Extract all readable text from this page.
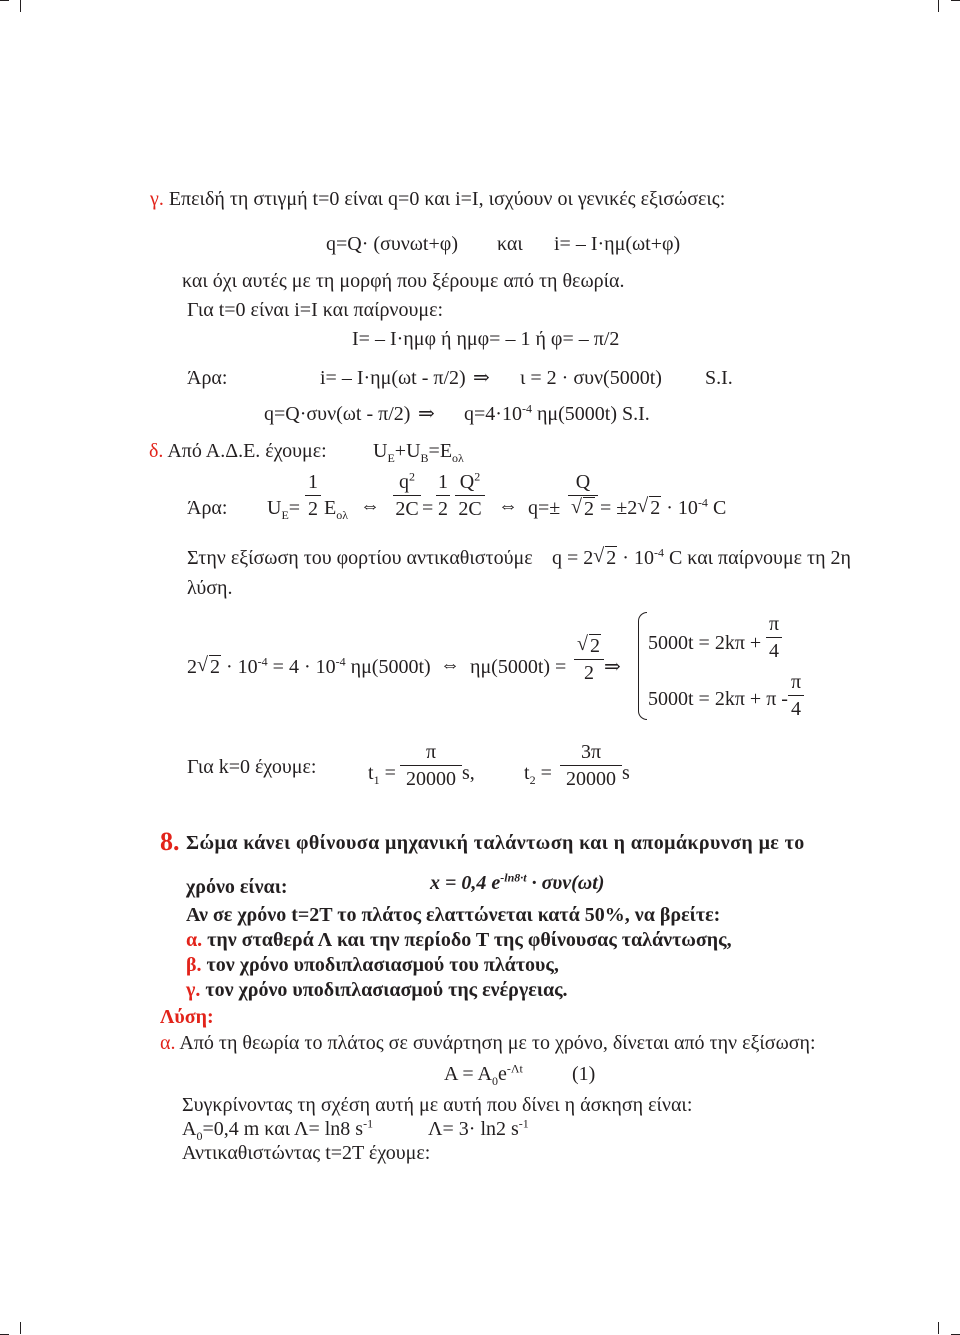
γ. Επειδή τη στιγμή t=0 είναι q=0 και i=I, ισχύουν οι γενικές εξισώσεις:
q=Q· (συνωt+φ) και i= – I·ημ(ωt+φ)
και όχι αυτές με τη μορφή που ξέρουμε από τη θεωρία.
Για t=0 είναι i=I και παίρνουμε:
I= – I·ημφ ή ημφ= – 1 ή φ= – π/2
Άρα:	i= – I·ημ(ωt - π/2) ⇒ ι = 2 · συν(5000t) S.I.
q=Q·συν(ωt - π/2) ⇒ $q=4\cdot 10^{-4}$ ημ(5000t) S.I.
δ. Από Α.Δ.Ε. έχουμε: $U_E+U_B=E_{o\lambda}$
Άρα: $U_E=$
1
2 $E_{o\lambda}$ ⇔
$q^2$
2C =
1
2
$Q^2$
2C ⇔ q=±
Q
√ 2 = ±2 √ $2 \cdot 10^{-4}$ C
Στην εξίσωση του φορτίου αντικαθιστούμε q = 2 √ $2 \cdot 10^{-4}$ C και παίρνουμε τη 2η
λύση.
2 √ $2 \cdot 10^{-4} = 4 \cdot 10^{-4}$ ημ(5000t) ⇔ ημ(5000t) =
√ 2
2 ⇒
5000t = 2kπ +
π
4
5000t = 2kπ + π -
π
4
Για k=0 έχουμε:	$t_1$ =
π
20000 s, $t_2$ =
3π
20000 s
8. Σώμα κάνει φθίνουσα μηχανική ταλάντωση και η απομάκρυνση με το
χρόνο είναι:	x = 0,4 $e^{-ln8\cdot t} \cdot \sigma\upsilon\nu(\omega t)$
Αν σε χρόνο t=2T το πλάτος ελαττώνεται κατά 50%, να βρείτε:
α. την σταθερά Λ και την περίοδο Τ της φθίνουσας ταλάντωσης,
β. τον χρόνο υποδιπλασιασμού του πλάτους,
γ. τον χρόνο υποδιπλασιασμού της ενέργειας.
Λύση:
α. Από τη θεωρία το πλάτος σε συνάρτηση με το χρόνο, δίνεται από την εξίσωση:
$A = A_0e^{-\Lambda t}$ (1)
Συγκρίνοντας τη σχέση αυτή με αυτή που δίνει η άσκηση είναι:
$A_0=0,4$ m και Λ= ln8 $s^{-1}$	Λ= 3· ln2 $s^{-1}$
Αντικαθιστώντας t=2T έχουμε:
